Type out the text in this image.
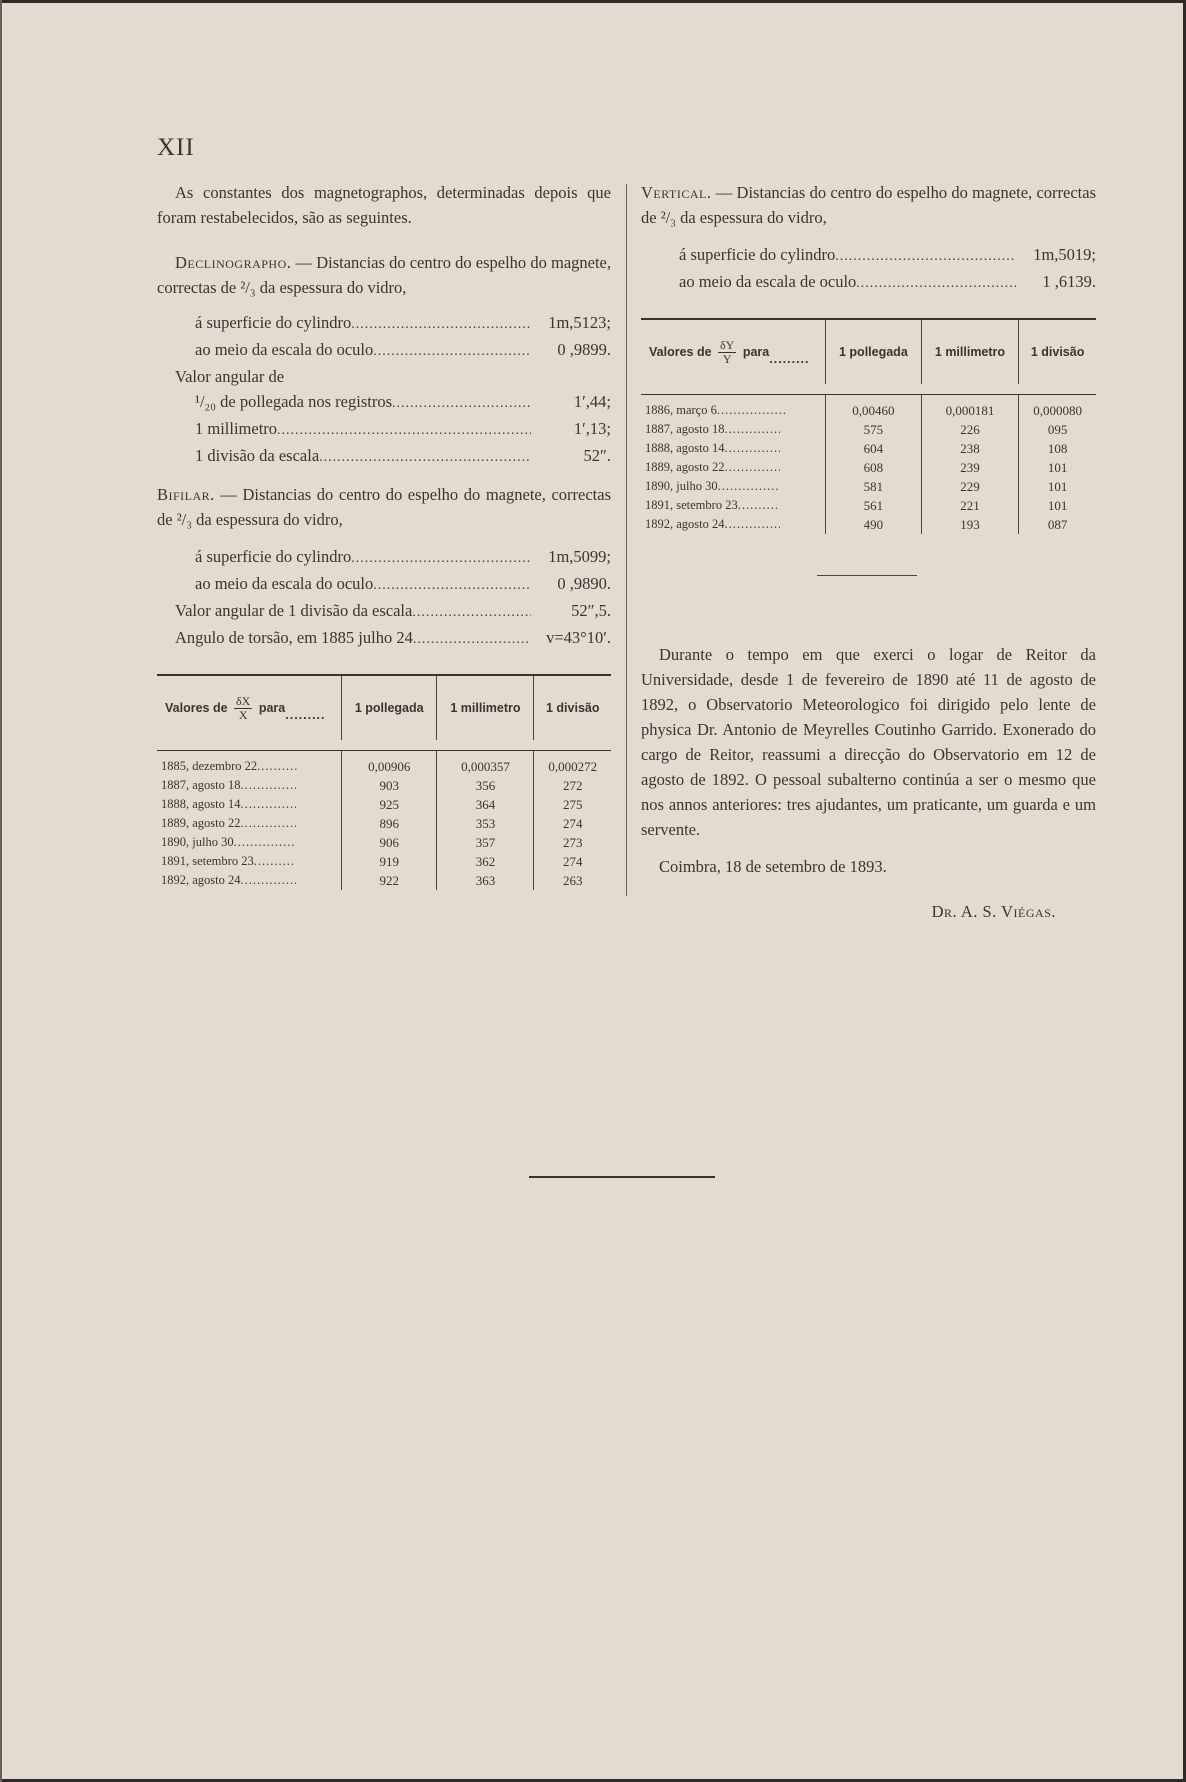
XII

As constantes dos magnetographos, determinadas depois que foram restabelecidos, são as seguintes.

Declinographo. — Distancias do centro do espelho do magnete, correctas de ²/₃ da espessura do vidro,

á superficie do cylindro .....	1m,5123;
ao meio da escala do oculo .....	0 ,9899.
Valor angular de
¹/₂₀ de pollegada nos registros .....	1′,44;
1 millimetro .....	1′,13;
1 divisão da escala .....	52″.

Bifilar. — Distancias do centro do espelho do magnete, correctas de ²/₃ da espessura do vidro,

á superficie do cylindro .....	1m,5099;
ao meio da escala do oculo .....	0 ,9890.
Valor angular de 1 divisão da escala .....	52″,5.
Angulo de torsão, em 1885 julho 24 .....	v=43°10′.
Valores de $\frac{\delta X}{X}$ para.....	1 pollegada	1 millimetro	1 divisão

1885, dezembro 22.....	0,00906	0,000357	0,000272
1887, agosto 18.....	903	356	272
1888, agosto 14.....	925	364	275
1889, agosto 22.....	896	353	274
1890, julho 30.....	906	357	273
1891, setembro 23.....	919	362	274
1892, agosto 24.....	922	363	263

Vertical. — Distancias do centro do espelho do magnete, correctas de ²/₃ da espessura do vidro,

á superficie do cylindro .....	1m,5019;
ao meio da escala de oculo .....	1 ,6139.
Valores de $\frac{\delta Y}{Y}$ para.....	1 pollegada	1 millimetro	1 divisão

1886, março 6.....	0,00460	0,000181	0,000080
1887, agosto 18.....	575	226	095
1888, agosto 14.....	604	238	108
1889, agosto 22.....	608	239	101
1890, julho 30.....	581	229	101
1891, setembro 23.....	561	221	101
1892, agosto 24.....	490	193	087

Durante o tempo em que exerci o logar de Reitor da Universidade, desde 1 de fevereiro de 1890 até 11 de agosto de 1892, o Observatorio Meteorologico foi dirigido pelo lente de physica Dr. Antonio de Meyrelles Coutinho Garrido. Exonerado do cargo de Reitor, reassumi a direcção do Observatorio em 12 de agosto de 1892. O pessoal subalterno continúa a ser o mesmo que nos annos anteriores: tres ajudantes, um praticante, um guarda e um servente.

Coimbra, 18 de setembro de 1893.

Dr. A. S. Viégas.
